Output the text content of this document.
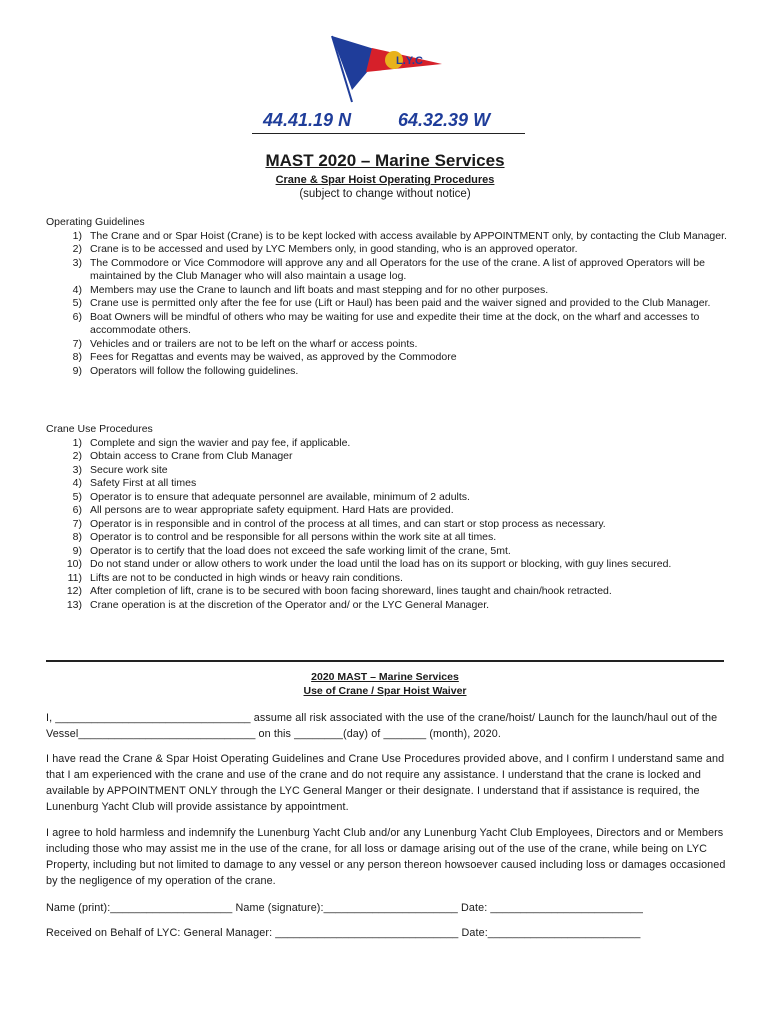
L.Y.C
44.41.19 N	64.32.39 W
MAST 2020 – Marine Services
Crane & Spar Hoist Operating Procedures
(subject to change without notice)
Operating Guidelines
1) The Crane and or Spar Hoist (Crane) is to be kept locked with access available by APPOINTMENT only, by contacting the Club Manager.
2) Crane is to be accessed and used by LYC Members only, in good standing, who is an approved operator.
3) The Commodore or Vice Commodore will approve any and all Operators for the use of the crane. A list of approved Operators will be maintained by the Club Manager who will also maintain a usage log.
4) Members may use the Crane to launch and lift boats and mast stepping and for no other purposes.
5) Crane use is permitted only after the fee for use (Lift or Haul) has been paid and the waiver signed and provided to the Club Manager.
6) Boat Owners will be mindful of others who may be waiting for use and expedite their time at the dock, on the wharf and accesses to accommodate others.
7) Vehicles and or trailers are not to be left on the wharf or access points.
8) Fees for Regattas and events may be waived, as approved by the Commodore
9) Operators will follow the following guidelines.
Crane Use Procedures
1) Complete and sign the wavier and pay fee, if applicable.
2) Obtain access to Crane from Club Manager
3) Secure work site
4) Safety First at all times
5) Operator is to ensure that adequate personnel are available, minimum of 2 adults.
6) All persons are to wear appropriate safety equipment. Hard Hats are provided.
7) Operator is in responsible and in control of the process at all times, and can start or stop process as necessary.
8) Operator is to control and be responsible for all persons within the work site at all times.
9) Operator is to certify that the load does not exceed the safe working limit of the crane, 5mt.
10) Do not stand under or allow others to work under the load until the load has on its support or blocking, with guy lines secured.
11) Lifts are not to be conducted in high winds or heavy rain conditions.
12) After completion of lift, crane is to be secured with boon facing shoreward, lines taught and chain/hook retracted.
13) Crane operation is at the discretion of the Operator and/ or the LYC General Manager.
2020 MAST – Marine Services
Use of Crane / Spar Hoist Waiver
I, ________________________________ assume all risk associated with the use of the crane/hoist/ Launch for the launch/haul out of the Vessel_____________________________ on this ________(day) of _______ (month), 2020.
I have read the Crane & Spar Hoist Operating Guidelines and Crane Use Procedures provided above, and I confirm I understand same and that I am experienced with the crane and use of the crane and do not require any assistance. I understand that the crane is locked and available by APPOINTMENT ONLY through the LYC General Manger or their designate. I understand that if assistance is required, the Lunenburg Yacht Club will provide assistance by appointment.
I agree to hold harmless and indemnify the Lunenburg Yacht Club and/or any Lunenburg Yacht Club Employees, Directors and or Members including those who may assist me in the use of the crane, for all loss or damage arising out of the use of the crane, while being on LYC Property, including but not limited to damage to any vessel or any person thereon howsoever caused including loss or damages occasioned by the negligence of my operation of the crane.
Name (print):____________________ Name (signature):______________________ Date: _________________________
Received on Behalf of LYC: General Manager: ______________________________ Date:_________________________
